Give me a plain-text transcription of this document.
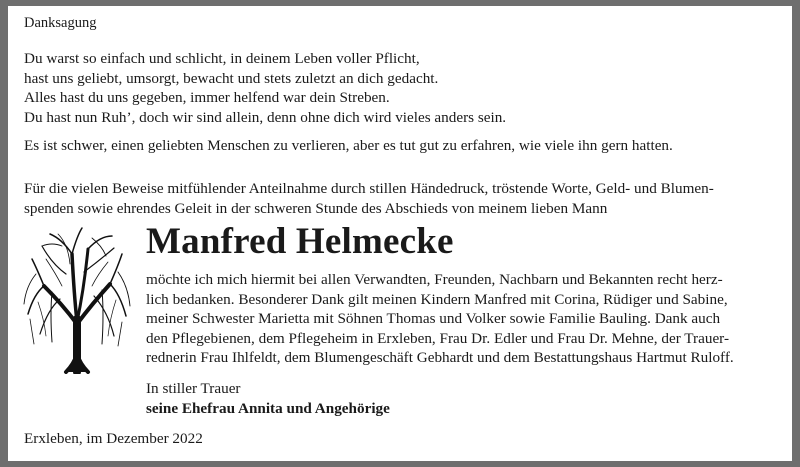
Danksagung
Du warst so einfach und schlicht, in deinem Leben voller Pflicht,
hast uns geliebt, umsorgt, bewacht und stets zuletzt an dich gedacht.
Alles hast du uns gegeben, immer helfend war dein Streben.
Du hast nun Ruh’, doch wir sind allein, denn ohne dich wird vieles anders sein.
Es ist schwer, einen geliebten Menschen zu verlieren, aber es tut gut zu erfahren, wie viele ihn gern hatten.
Für die vielen Beweise mitfühlender Anteilnahme durch stillen Händedruck, tröstende Worte, Geld- und Blumen-
spenden sowie ehrendes Geleit in der schweren Stunde des Abschieds von meinem lieben Mann
Manfred Helmecke
möchte ich mich hiermit bei allen Verwandten, Freunden, Nachbarn und Bekannten recht herz-
lich bedanken. Besonderer Dank gilt meinen Kindern Manfred mit Corina, Rüdiger und Sabine,
meiner Schwester Marietta mit Söhnen Thomas und Volker sowie Familie Bauling. Dank auch
den Pflegebienen, dem Pflegeheim in Erxleben, Frau Dr. Edler und Frau Dr. Mehne, der Trauer-
rednerin Frau Ihlfeldt, dem Blumengeschäft Gebhardt und dem Bestattungshaus Hartmut Ruloff.
In stiller Trauer
seine Ehefrau Annita und Angehörige
Erxleben, im Dezember 2022
